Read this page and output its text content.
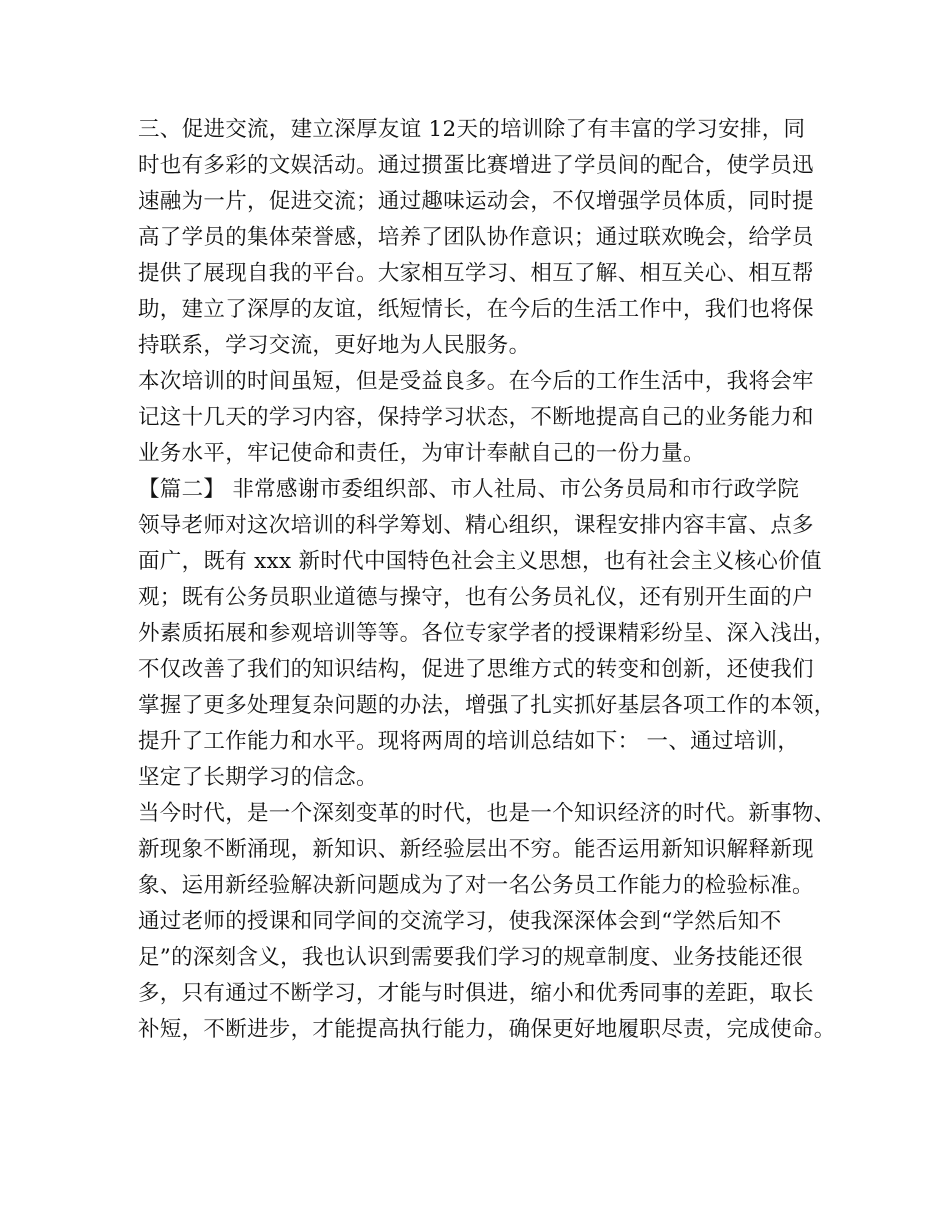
三、促进交流，建立深厚友谊 12天的培训除了有丰富的学习安排，同
时也有多彩的文娱活动。通过掼蛋比赛增进了学员间的配合，使学员迅
速融为一片，促进交流；通过趣味运动会，不仅增强学员体质，同时提
高了学员的集体荣誉感，培养了团队协作意识；通过联欢晚会，给学员
提供了展现自我的平台。大家相互学习、相互了解、相互关心、相互帮
助，建立了深厚的友谊，纸短情长，在今后的生活工作中，我们也将保
持联系，学习交流，更好地为人民服务。
本次培训的时间虽短，但是受益良多。在今后的工作生活中，我将会牢
记这十几天的学习内容，保持学习状态，不断地提高自己的业务能力和
业务水平，牢记使命和责任，为审计奉献自己的一份力量。
【篇二】 非常感谢市委组织部、市人社局、市公务员局和市行政学院
领导老师对这次培训的科学筹划、精心组织，课程安排内容丰富、点多
面广，既有 xxx 新时代中国特色社会主义思想，也有社会主义核心价值
观；既有公务员职业道德与操守，也有公务员礼仪，还有别开生面的户
外素质拓展和参观培训等等。各位专家学者的授课精彩纷呈、深入浅出，
不仅改善了我们的知识结构，促进了思维方式的转变和创新，还使我们
掌握了更多处理复杂问题的办法，增强了扎实抓好基层各项工作的本领，
提升了工作能力和水平。现将两周的培训总结如下： 一、通过培训，
坚定了长期学习的信念。
当今时代，是一个深刻变革的时代，也是一个知识经济的时代。新事物、
新现象不断涌现，新知识、新经验层出不穷。能否运用新知识解释新现
象、运用新经验解决新问题成为了对一名公务员工作能力的检验标准。
通过老师的授课和同学间的交流学习，使我深深体会到“学然后知不
足”的深刻含义，我也认识到需要我们学习的规章制度、业务技能还很
多，只有通过不断学习，才能与时俱进，缩小和优秀同事的差距，取长
补短，不断进步，才能提高执行能力，确保更好地履职尽责，完成使命。
